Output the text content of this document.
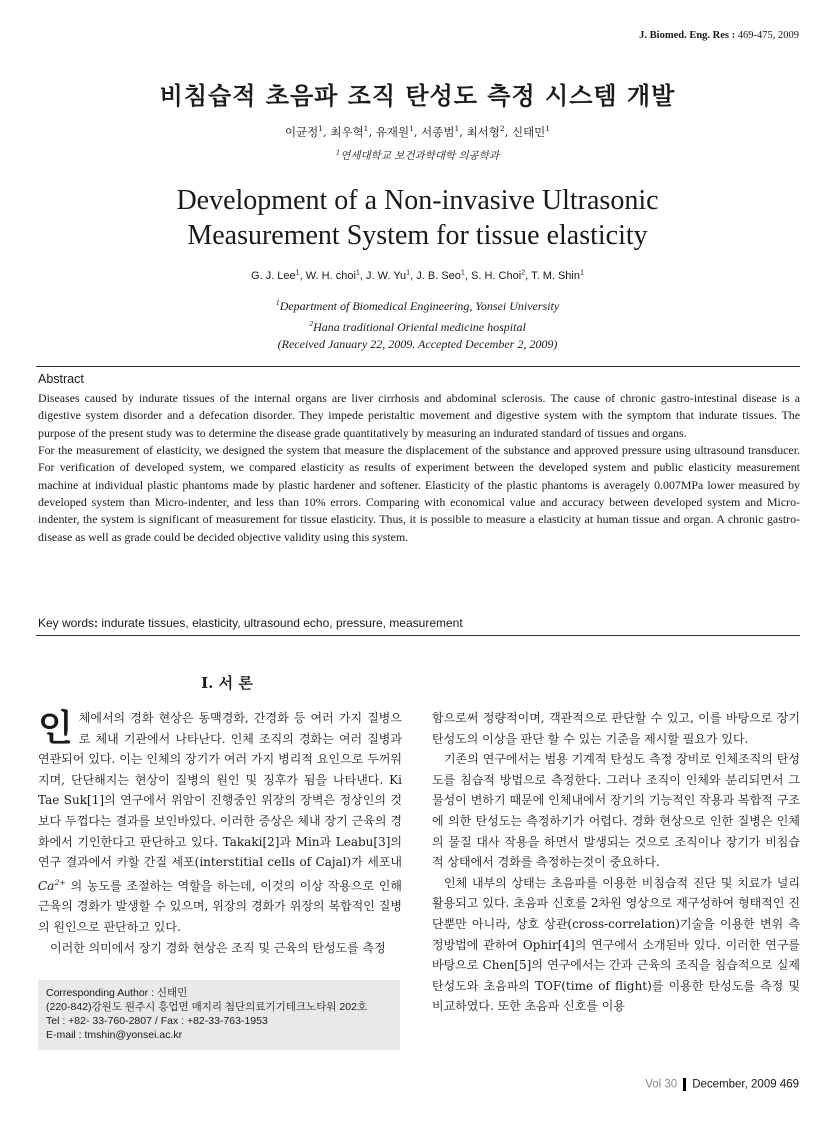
J. Biomed. Eng. Res : 469-475, 2009
비침습적 초음파 조직 탄성도 측정 시스템 개발
이균정$^1$, 최우혁$^1$, 유재원$^1$, 서종범$^1$, 최서형$^2$, 신태민$^1$
$^1$연세대학교 보건과학대학 의공학과
Development of a Non-invasive Ultrasonic
Measurement System for tissue elasticity
G. J. Lee$^1$, W. H. choi$^1$, J. W. Yu$^1$, J. B. Seo$^1$, S. H. Choi$^2$, T. M. Shin$^1$
$^1$Department of Biomedical Engineering, Yonsei University
$^2$Hana traditional Oriental medicine hospital
(Received January 22, 2009. Accepted December 2, 2009)
Abstract

Diseases caused by indurate tissues of the internal organs are liver cirrhosis and abdominal sclerosis. The cause of chronic gastro-intestinal disease is a digestive system disorder and a defecation disorder. They impede peristaltic movement and digestive system with the symptom that indurate tissues. The purpose of the present study was to determine the disease grade quantitatively by measuring an indurated standard of tissues and organs.

For the measurement of elasticity, we designed the system that measure the displacement of the substance and approved pressure using ultrasound transducer. For verification of developed system, we compared elasticity as results of experiment between the developed system and public elasticity measurement machine at individual plastic phantoms made by plastic hardener and softener. Elasticity of the plastic phantoms is averagely 0.007MPa lower measured by developed system than Micro-indenter, and less than 10% errors. Comparing with economical value and accuracy between developed system and Micro-indenter, the system is significant of measurement for tissue elasticity. Thus, it is possible to measure a elasticity at human tissue and organ. A chronic gastro-disease as well as grade could be decided objective validity using this system.

Key words: indurate tissues, elasticity, ultrasound echo, pressure, measurement
Ⅰ. 서 론

인체에서의 경화 현상은 동맥경화, 간경화 등 여러 가지 질병으로 체내 기관에서 나타난다. 인체 조직의 경화는 여러 질병과 연관되어 있다. 이는 인체의 장기가 여러 가지 병리적 요인으로 두꺼워지며, 단단해지는 현상이 질병의 원인 및 징후가 됨을 나타낸다. Ki Tae Suk[1]의 연구에서 위암이 진행중인 위장의 장벽은 정상인의 것보다 두껍다는 결과를 보인바있다. 이러한 증상은 체내 장기 근육의 경화에서 기인한다고 판단하고 있다. Takaki[2]과 Min과 Leabu[3]의 연구 결과에서 카할 간질 세포(interstitial cells of Cajal)가 세포내 $Ca^{2+}$ 의 농도를 조절하는 역할을 하는데, 이것의 이상 작용으로 인해 근육의 경화가 발생할 수 있으며, 위장의 경화가 위장의 복합적인 질병의 원인으로 판단하고 있다.

이러한 의미에서 장기 경화 현상은 조직 및 근육의 탄성도를 측정

Corresponding Author : 신태민
(220-842)강원도 원주시 흥업면 매지리 첨단의료기기테크노타워 202호
Tel : +82- 33-760-2807 / Fax : +82-33-763-1953
E-mail : tmshin@yonsei.ac.kr

함으로써 정량적이며, 객관적으로 판단할 수 있고, 이를 바탕으로 장기 탄성도의 이상을 판단 할 수 있는 기준을 제시할 필요가 있다.

기존의 연구에서는 범용 기계적 탄성도 측정 장비로 인체조직의 탄성도를 침습적 방법으로 측정한다. 그러나 조직이 인체와 분리되면서 그 물성이 변하기 때문에 인체내에서 장기의 기능적인 작용과 복합적 구조에 의한 탄성도는 측정하기가 어렵다. 경화 현상으로 인한 질병은 인체의 물질 대사 작용을 하면서 발생되는 것으로 조직이나 장기가 비침습적 상태에서 경화를 측정하는것이 중요하다.

인체 내부의 상태는 초음파를 이용한 비침습적 진단 및 치료가 널리 활용되고 있다. 초음파 신호를 2차원 영상으로 재구성하여 형태적인 진단뿐만 아니라, 상호 상관(cross-correlation)기술을 이용한 변위 측정방법에 관하여 Ophir[4]의 연구에서 소개된바 있다. 이러한 연구를 바탕으로 Chen[5]의 연구에서는 간과 근육의 조직을 침습적으로 실제 탄성도와 초음파의 TOF(time of flight)를 이용한 탄성도를 측정 및 비교하였다. 또한 초음파 신호를 이용

Vol 30 December, 2009 469
